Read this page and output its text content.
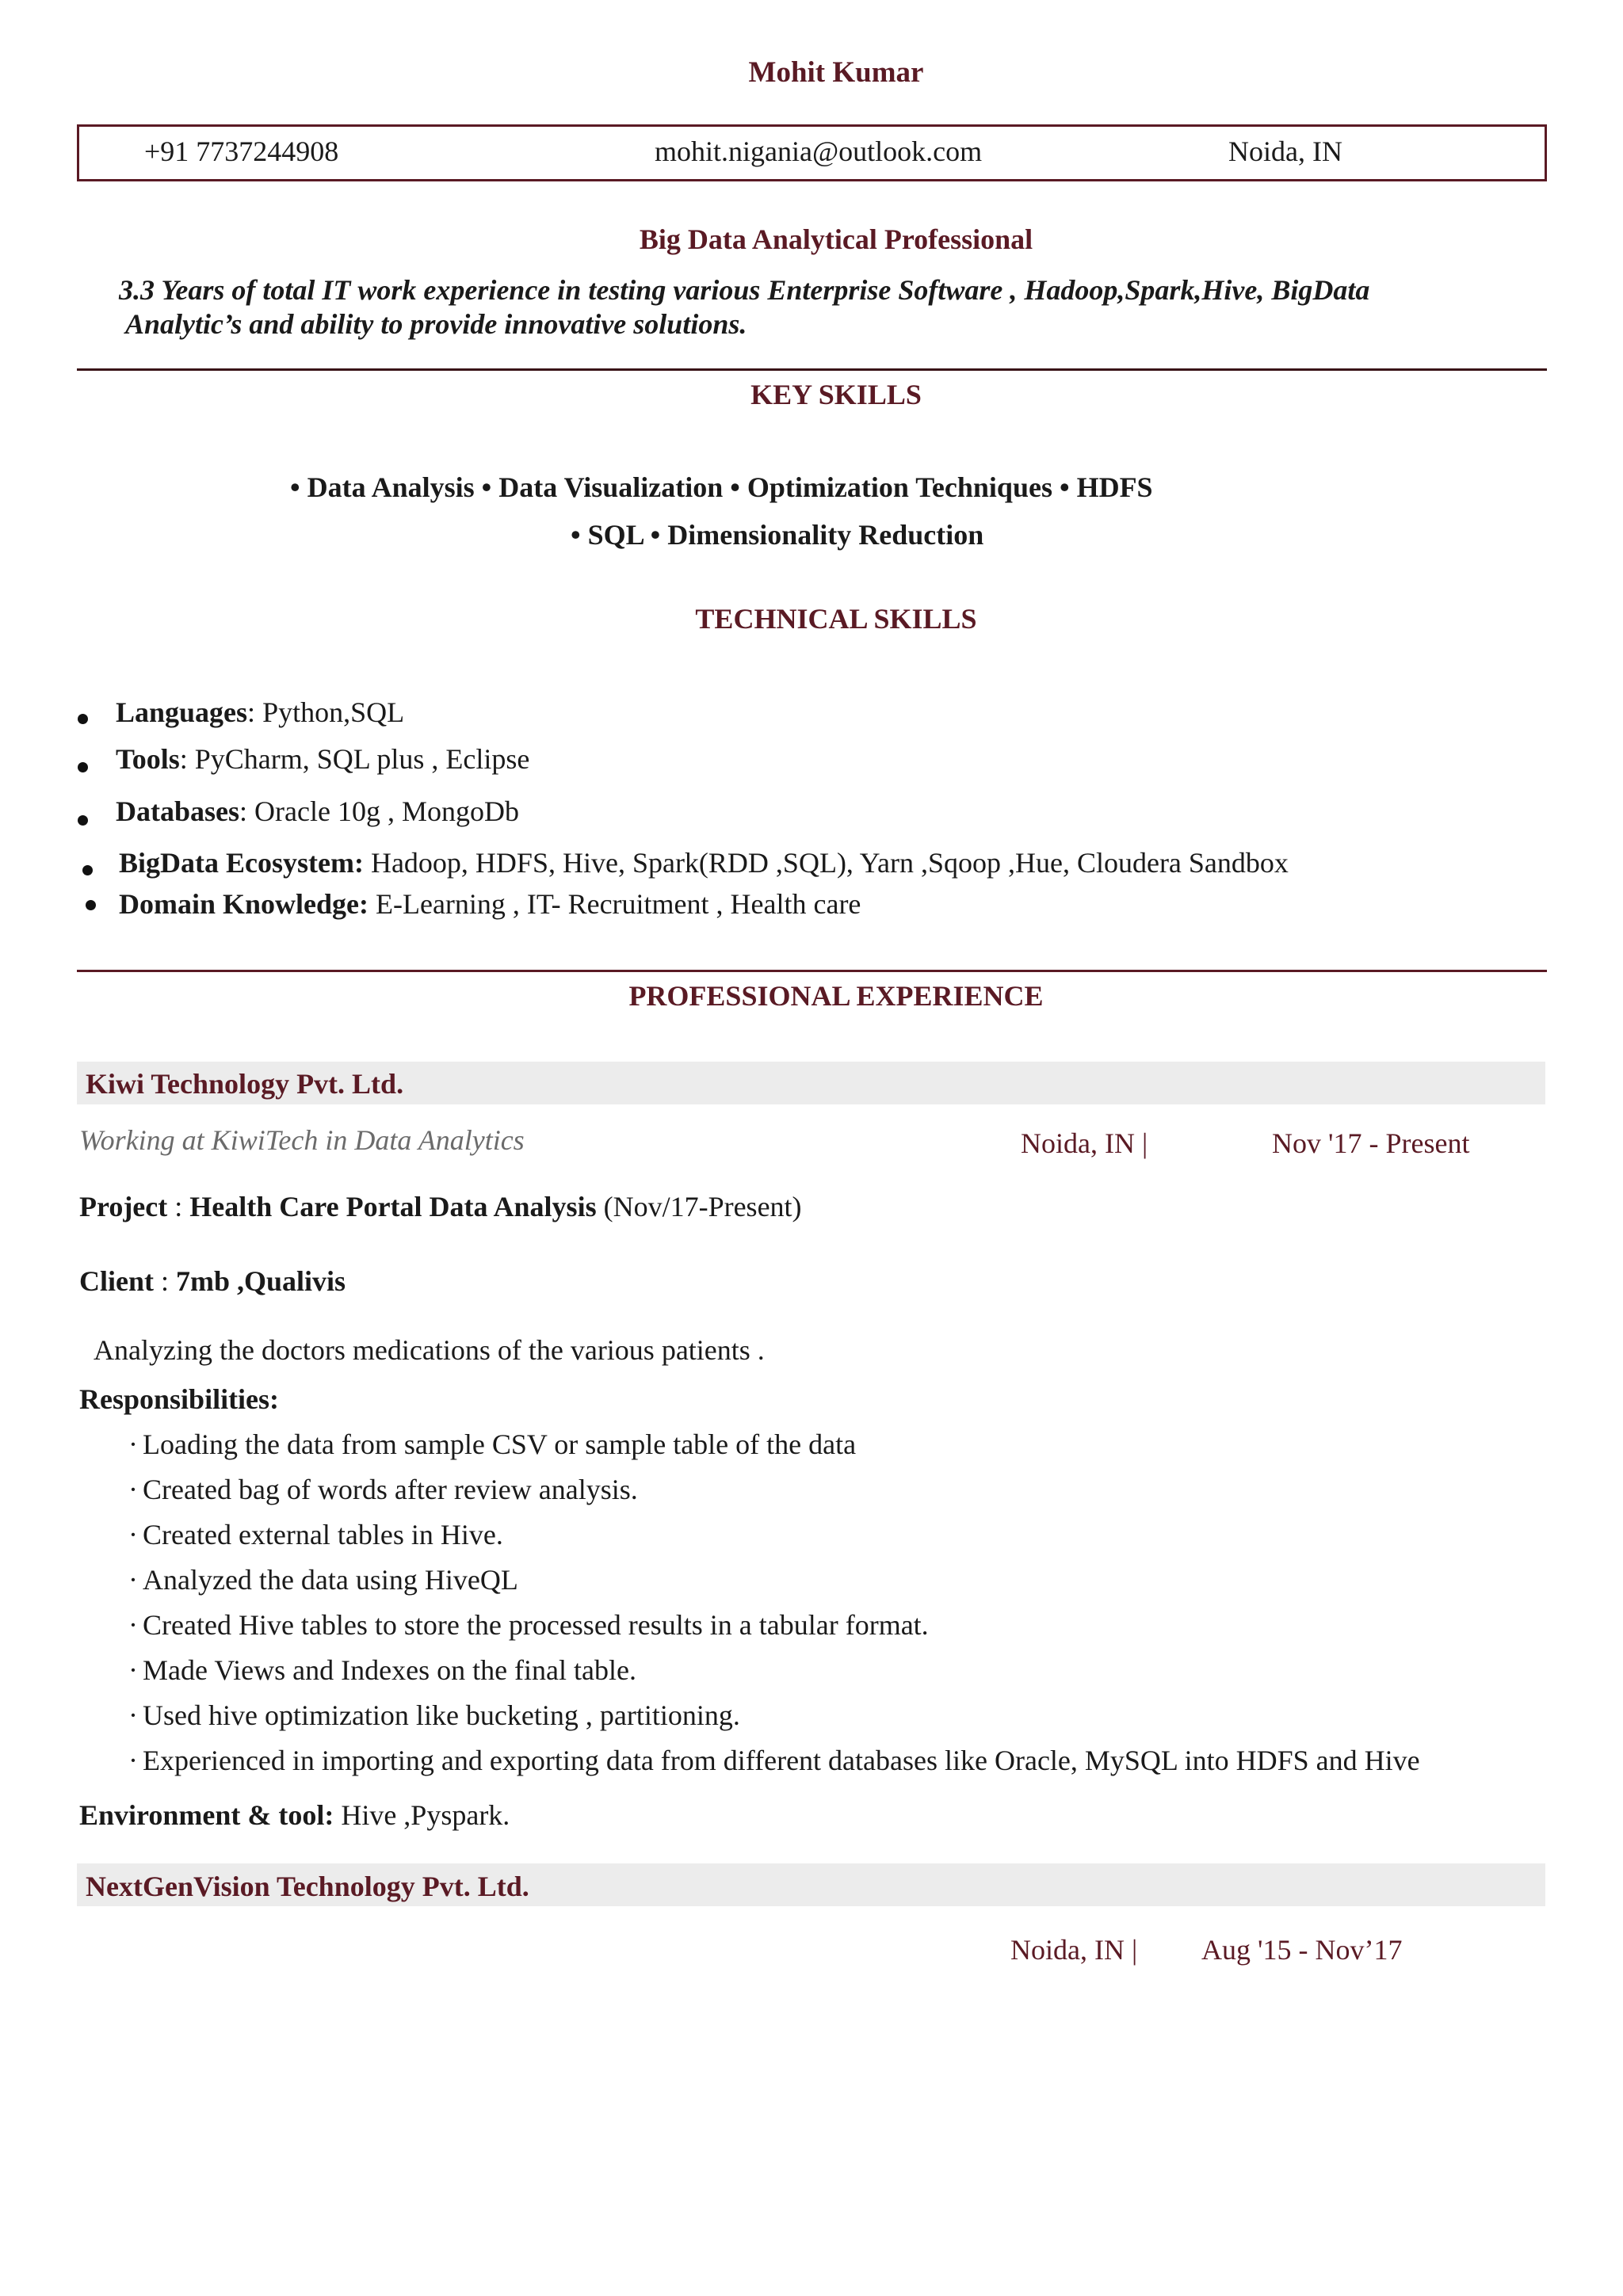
Mohit Kumar
+91 7737244908	mohit.nigania@outlook.com	Noida, IN
Big Data Analytical Professional
3.3 Years of total IT work experience in testing various Enterprise Software , Hadoop,Spark,Hive, BigData
Analytic’s and ability to provide innovative solutions.
KEY SKILLS
• Data Analysis • Data Visualization • Optimization Techniques • HDFS
• SQL • Dimensionality Reduction
TECHNICAL SKILLS
Languages: Python,SQL
Tools: PyCharm, SQL plus , Eclipse
Databases: Oracle 10g , MongoDb
BigData Ecosystem: Hadoop, HDFS, Hive, Spark(RDD ,SQL), Yarn ,Sqoop ,Hue, Cloudera Sandbox
Domain Knowledge: E-Learning , IT- Recruitment , Health care
PROFESSIONAL EXPERIENCE
Kiwi Technology Pvt. Ltd.
Working at KiwiTech in Data Analytics	Noida, IN |	Nov '17 - Present
Project : Health Care Portal Data Analysis (Nov/17-Present)
Client : 7mb ,Qualivis
Analyzing the doctors medications of the various patients .
Responsibilities:
· Loading the data from sample CSV or sample table of the data
· Created bag of words after review analysis.
· Created external tables in Hive.
· Analyzed the data using HiveQL
· Created Hive tables to store the processed results in a tabular format.
· Made Views and Indexes on the final table.
· Used hive optimization like bucketing , partitioning.
· Experienced in importing and exporting data from different databases like Oracle, MySQL into HDFS and Hive
Environment & tool: Hive ,Pyspark.
NextGenVision Technology Pvt. Ltd.
Noida, IN | Aug '15 - Nov’17
